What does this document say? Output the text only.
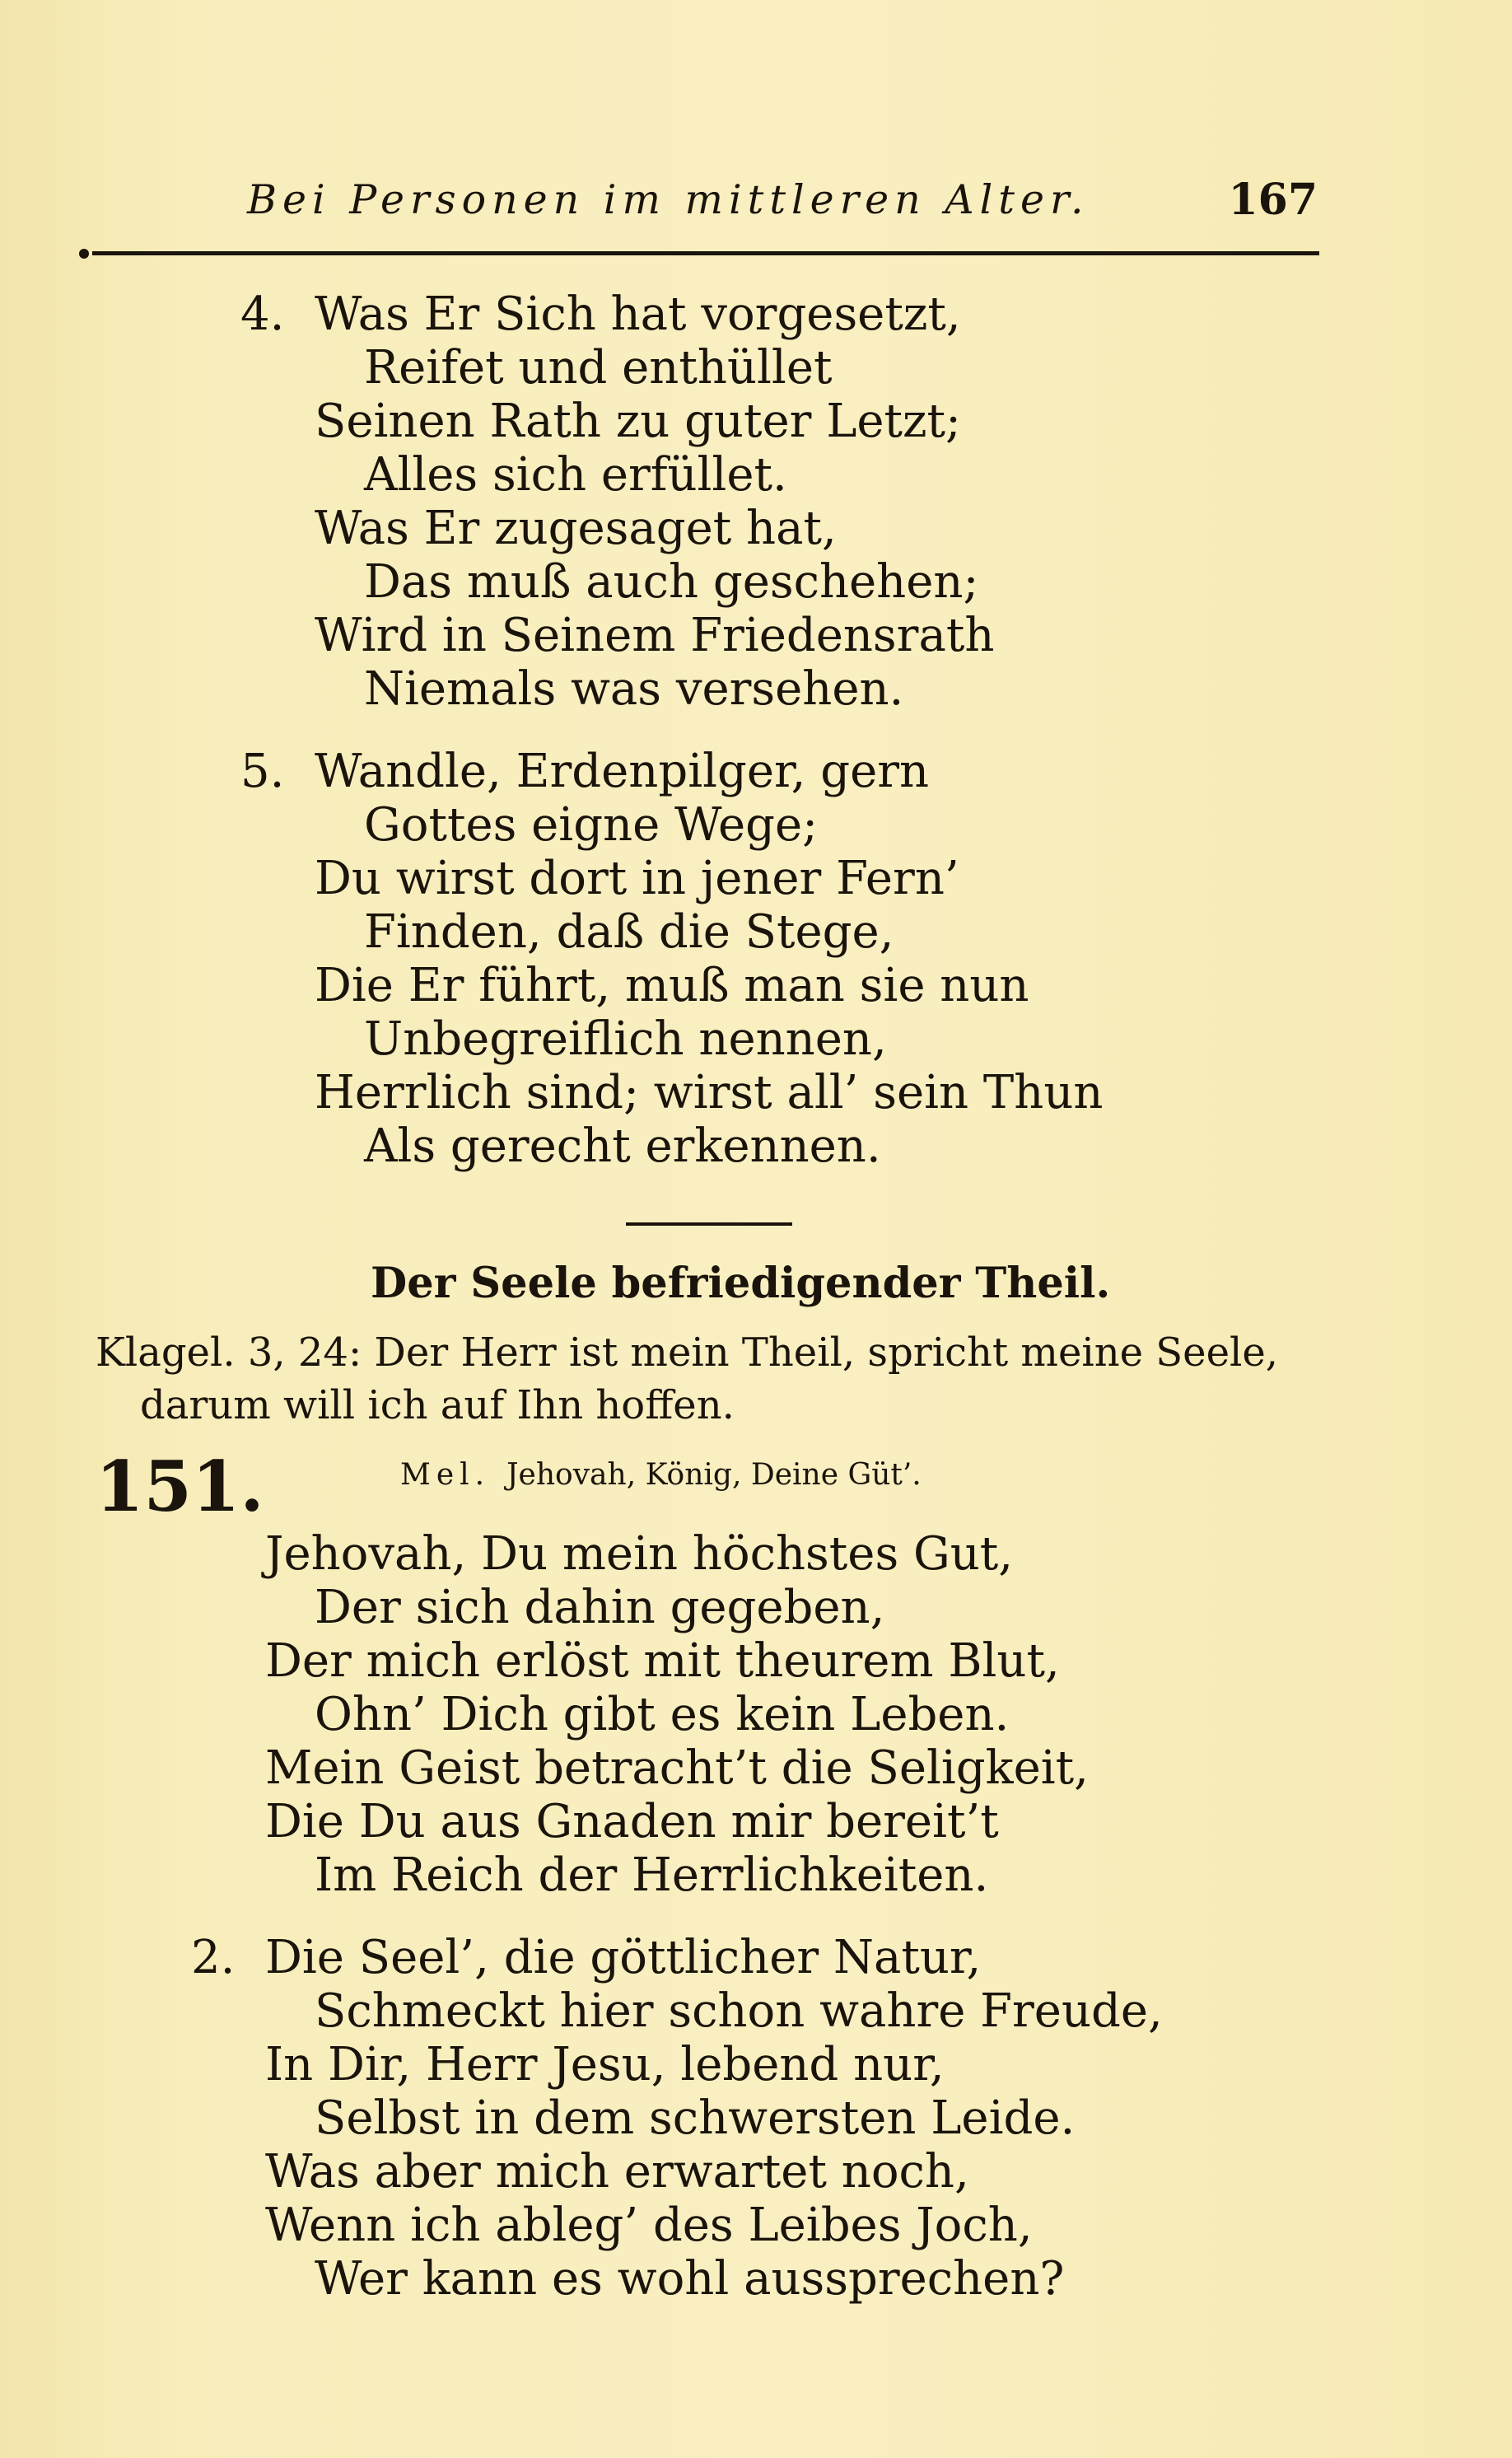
Bei Personen im mittleren Alter.	167
4. Was Er Sich hat vorgesetzt,
Reifet und enthüllet
Seinen Rath zu guter Letzt;
Alles sich erfüllet.
Was Er zugesaget hat,
Das muß auch geschehen;
Wird in Seinem Friedensrath
Niemals was versehen.
5. Wandle, Erdenpilger, gern
Gottes eigne Wege;
Du wirst dort in jener Fern’
Finden, daß die Stege,
Die Er führt, muß man sie nun
Unbegreiflich nennen,
Herrlich sind; wirst all’ sein Thun
Als gerecht erkennen.
Der Seele befriedigender Theil.
Klagel. 3, 24: Der Herr ist mein Theil, spricht meine Seele,
darum will ich auf Ihn hoffen.
151.	Mel. Jehovah, König, Deine Güt’.
Jehovah, Du mein höchstes Gut,
Der sich dahin gegeben,
Der mich erlöst mit theurem Blut,
Ohn’ Dich gibt es kein Leben.
Mein Geist betracht’t die Seligkeit,
Die Du aus Gnaden mir bereit’t
Im Reich der Herrlichkeiten.
2. Die Seel’, die göttlicher Natur,
Schmeckt hier schon wahre Freude,
In Dir, Herr Jesu, lebend nur,
Selbst in dem schwersten Leide.
Was aber mich erwartet noch,
Wenn ich ableg’ des Leibes Joch,
Wer kann es wohl aussprechen?
